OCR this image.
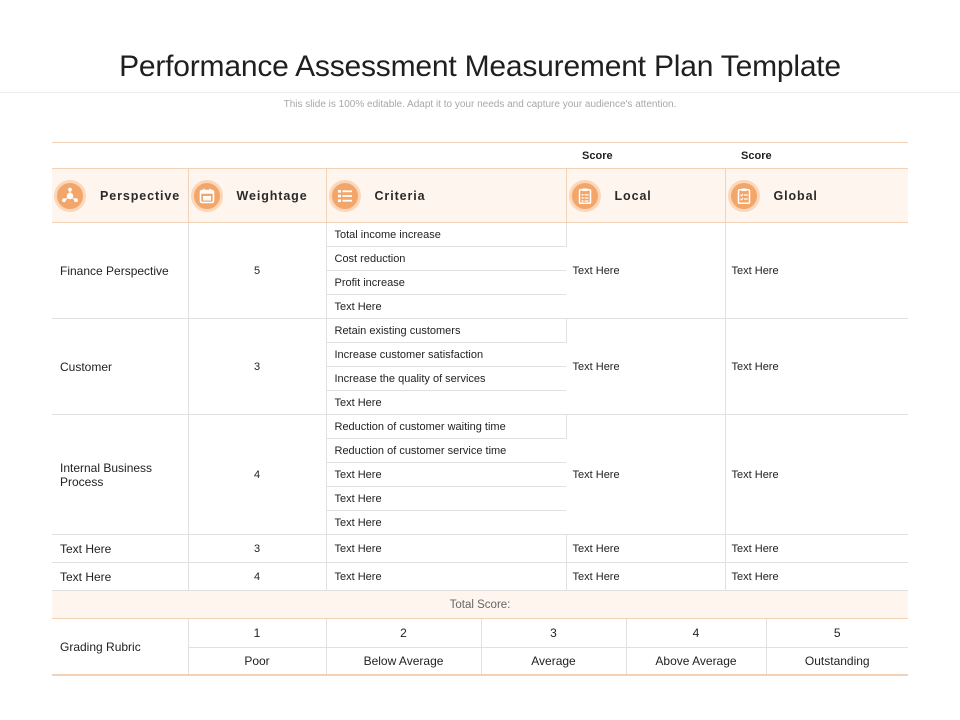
Performance Assessment Measurement Plan Template
This slide is 100% editable. Adapt it to your needs and capture your audience's attention.
			Score	Score

Perspective	Weightage	Criteria	Local	Global

Finance Perspective	5	Total income increase	Text Here	Text Here
		Cost reduction		
		Profit increase		
		Text Here		
Customer	3	Retain existing customers	Text Here	Text Here
		Increase customer satisfaction		
		Increase the quality of services		
		Text Here		
Internal Business Process	4	Reduction of customer waiting time	Text Here	Text Here
		Reduction of customer service time		
		Text Here		
		Text Here		
		Text Here		
Text Here	3	Text Here	Text Here	Text Here
Text Here	4	Text Here	Text Here	Text Here
Total Score:				
Grading Rubric	1	2	3	4	5
	Poor	Below Average	Average	Above Average	Outstanding
